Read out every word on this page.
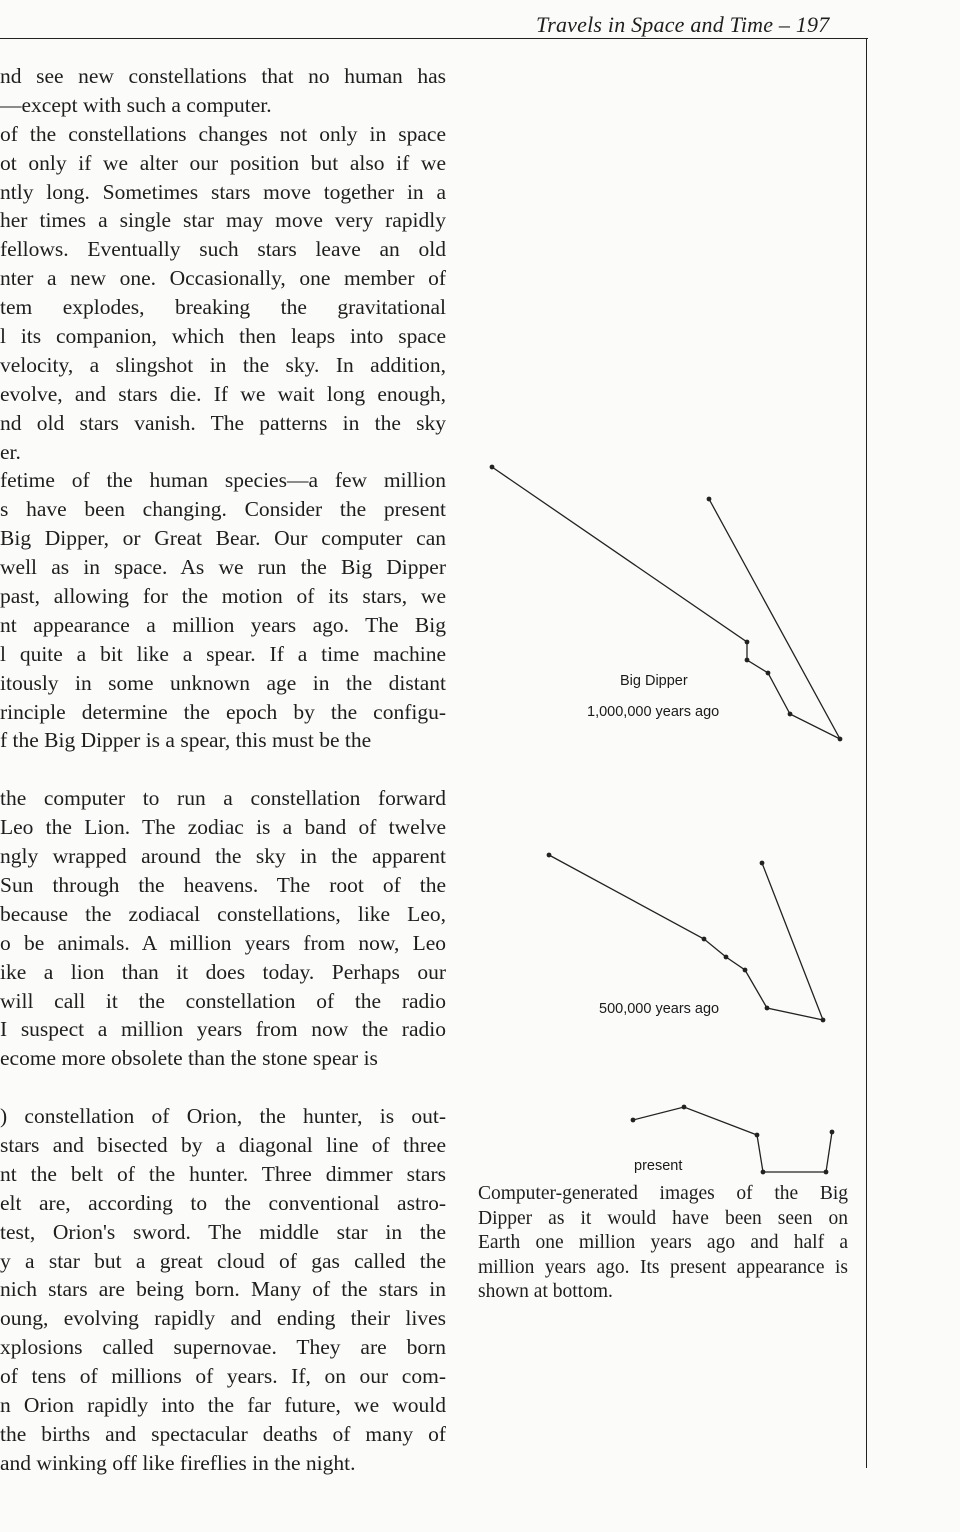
Travels in Space and Time – 197
nd see new constellations that no human has
—except with such a computer.
of the constellations changes not only in space
ot only if we alter our position but also if we
ntly long. Sometimes stars move together in a
her times a single star may move very rapidly
fellows. Eventually such stars leave an old
nter a new one. Occasionally, one member of
tem explodes, breaking the gravitational
l its companion, which then leaps into space
velocity, a slingshot in the sky. In addition,
evolve, and stars die. If we wait long enough,
nd old stars vanish. The patterns in the sky
er.
fetime of the human species—a few million
s have been changing. Consider the present
Big Dipper, or Great Bear. Our computer can
well as in space. As we run the Big Dipper
past, allowing for the motion of its stars, we
nt appearance a million years ago. The Big
l quite a bit like a spear. If a time machine
itously in some unknown age in the distant
rinciple determine the epoch by the configu-
f the Big Dipper is a spear, this must be the
the computer to run a constellation forward
Leo the Lion. The zodiac is a band of twelve
ngly wrapped around the sky in the apparent
Sun through the heavens. The root of the
because the zodiacal constellations, like Leo,
o be animals. A million years from now, Leo
ike a lion than it does today. Perhaps our
will call it the constellation of the radio
I suspect a million years from now the radio
ecome more obsolete than the stone spear is
) constellation of Orion, the hunter, is out-
stars and bisected by a diagonal line of three
nt the belt of the hunter. Three dimmer stars
elt are, according to the conventional astro-
test, Orion's sword. The middle star in the
y a star but a great cloud of gas called the
nich stars are being born. Many of the stars in
oung, evolving rapidly and ending their lives
xplosions called supernovae. They are born
of tens of millions of years. If, on our com-
n Orion rapidly into the far future, we would
the births and spectacular deaths of many of
and winking off like fireflies in the night.
Big Dipper
1,000,000 years ago
500,000 years ago
present
Computer-generated images of the Big
Dipper as it would have been seen on
Earth one million years ago and half a
million years ago. Its present appearance is
shown at bottom.
